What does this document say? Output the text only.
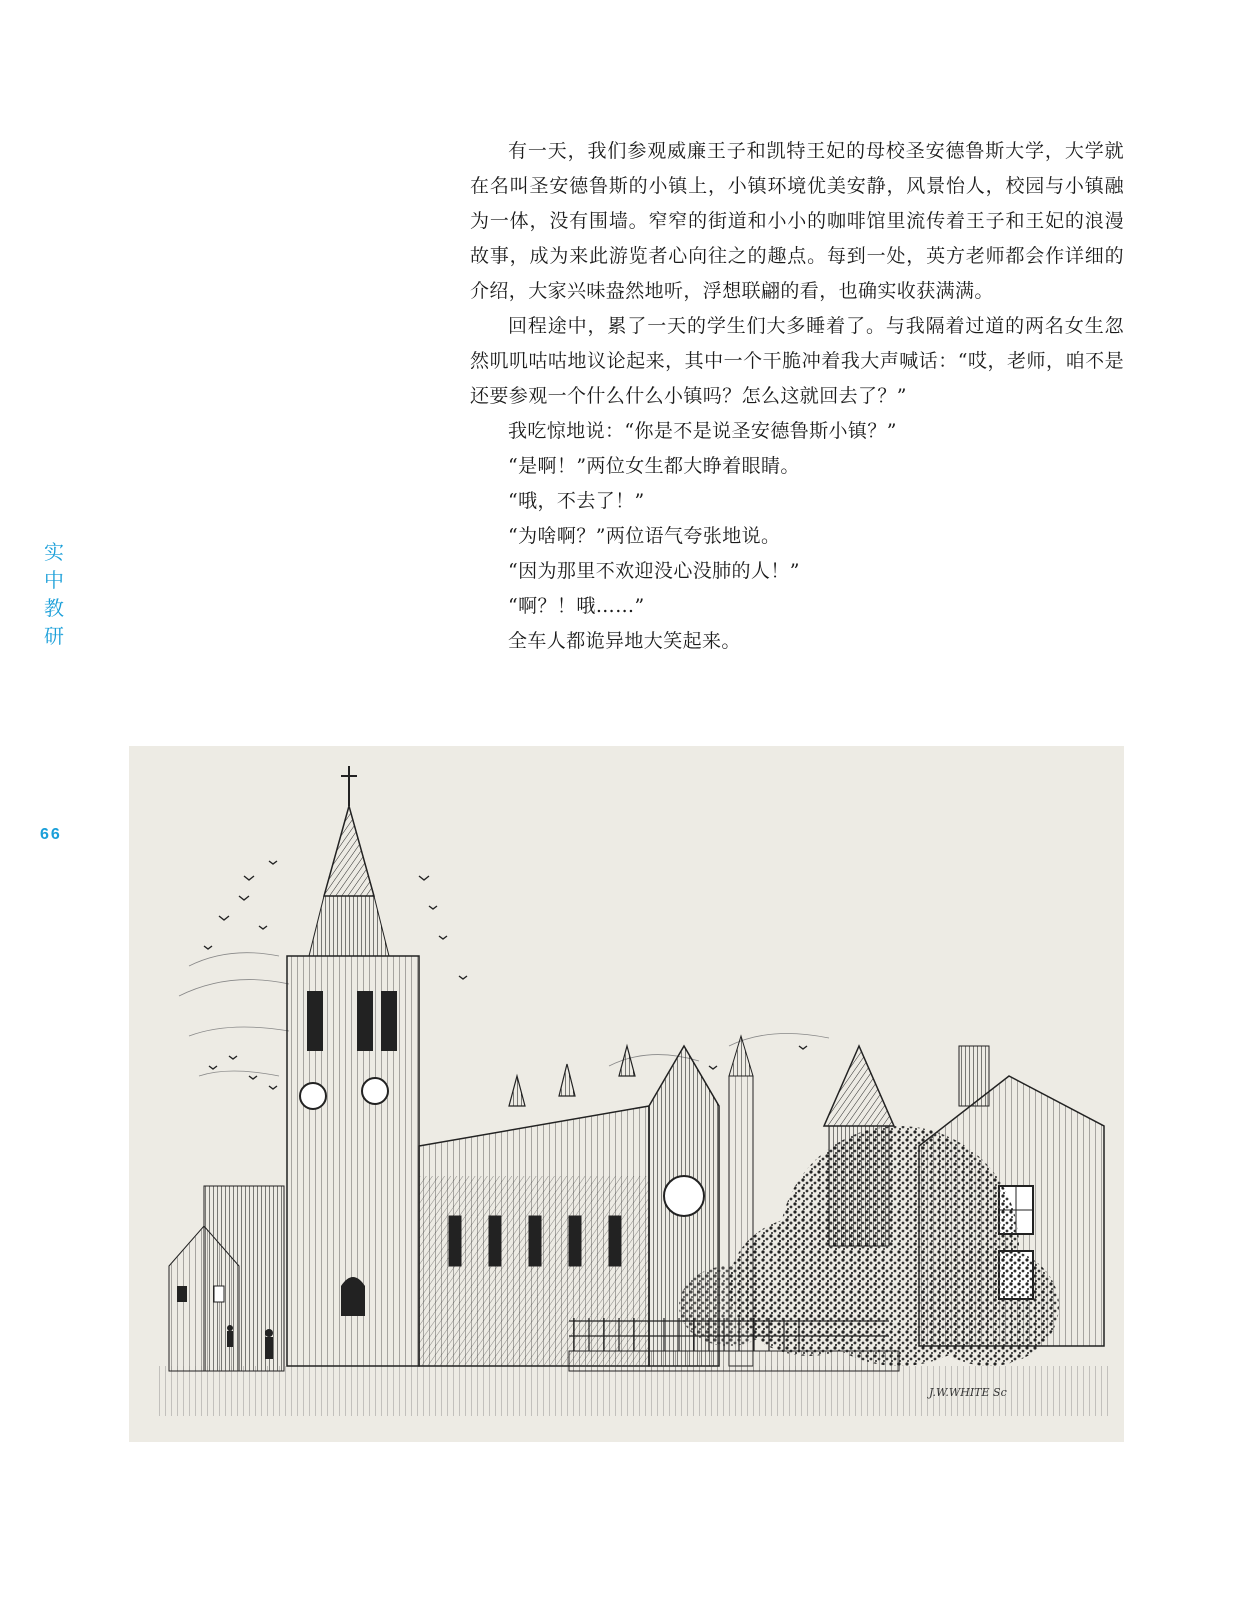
实
中
教
研
66

有一天，我们参观威廉王子和凯特王妃的母校圣安德鲁斯大学，大学就在名叫圣安德鲁斯的小镇上，小镇环境优美安静，风景怡人，校园与小镇融为一体，没有围墙。窄窄的街道和小小的咖啡馆里流传着王子和王妃的浪漫故事，成为来此游览者心向往之的趣点。每到一处，英方老师都会作详细的介绍，大家兴味盎然地听，浮想联翩的看，也确实收获满满。

回程途中，累了一天的学生们大多睡着了。与我隔着过道的两名女生忽然叽叽咕咕地议论起来，其中一个干脆冲着我大声喊话：“哎，老师，咱不是还要参观一个什么什么小镇吗？怎么这就回去了？”

我吃惊地说：“你是不是说圣安德鲁斯小镇？”

“是啊！”两位女生都大睁着眼睛。

“哦，不去了！”

“为啥啊？”两位语气夸张地说。

“因为那里不欢迎没心没肺的人！”

“啊？！哦……”

全车人都诡异地大笑起来。

J.W.WHITE Sc
